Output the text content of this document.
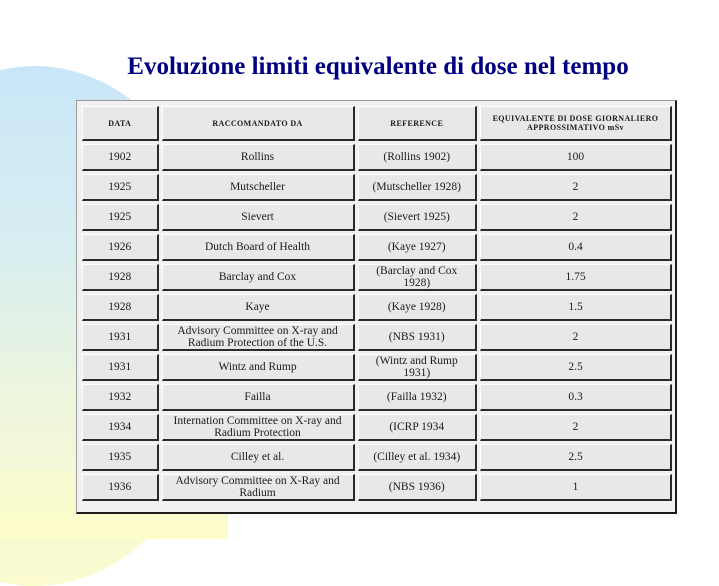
Evoluzione limiti equivalente di dose nel tempo
DATA	RACCOMANDATO DA	REFERENCE	EQUIVALENTE DI DOSE GIORNALIERO APPROSSIMATIVO mSv
1902	Rollins	(Rollins 1902)	100
1925	Mutscheller	(Mutscheller 1928)	2
1925	Sievert	(Sievert 1925)	2
1926	Dutch Board of Health	(Kaye 1927)	0.4
1928	Barclay and Cox	(Barclay and Cox 1928)	1.75
1928	Kaye	(Kaye 1928)	1.5
1931	Advisory Committee on X-ray and Radium Protection of the U.S.	(NBS 1931)	2
1931	Wintz and Rump	(Wintz and Rump 1931)	2.5
1932	Failla	(Failla 1932)	0.3
1934	Internation Committee on X-ray and Radium Protection	(ICRP 1934	2
1935	Cilley et al.	(Cilley et al. 1934)	2.5
1936	Advisory Committee on X-Ray and Radium	(NBS 1936)	1
